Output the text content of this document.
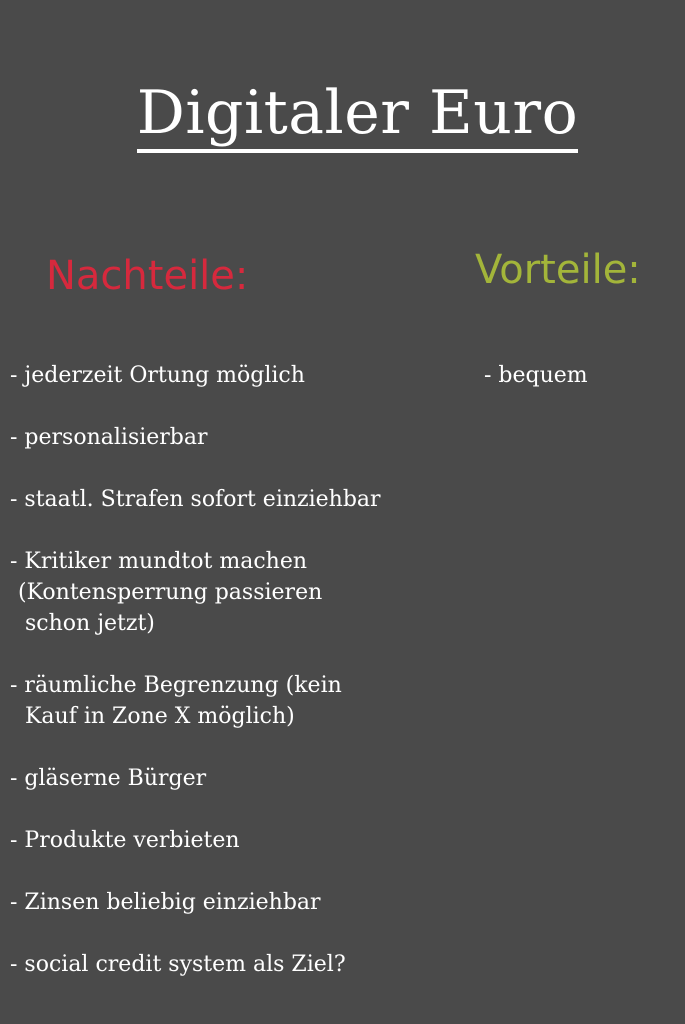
Digitaler Euro
Nachteile:	Vorteile:
- jederzeit Ortung möglich
- personalisierbar
- staatl. Strafen sofort einziehbar
- Kritiker mundtot machen
(Kontensperrung passieren
schon jetzt)
- räumliche Begrenzung (kein
Kauf in Zone X möglich)
- gläserne Bürger
- Produkte verbieten
- Zinsen beliebig einziehbar
- social credit system als Ziel?
- bequem
